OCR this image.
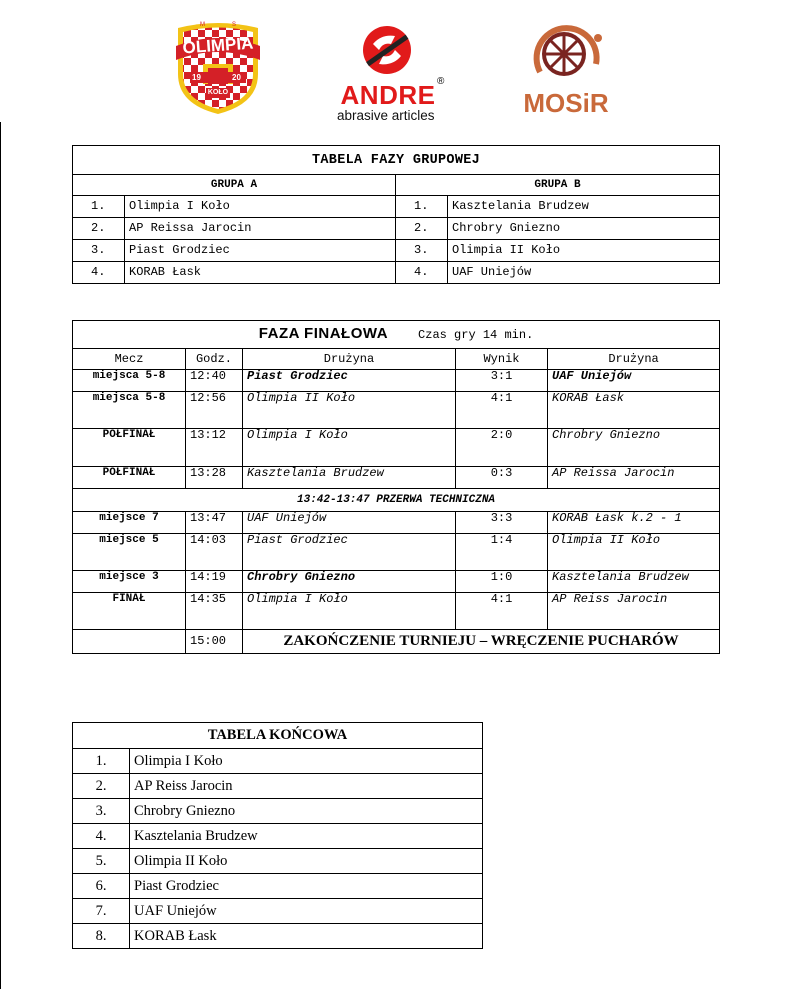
OLIMPIA
19	20
KOŁO
M	S
ANDRE ®
abrasive articles	MOSiR
TABELA FAZY GRUPOWEJ			
GRUPA A		GRUPA B	
1.	Olimpia I Koło	1.	Kasztelania Brudzew
2.	AP Reissa Jarocin	2.	Chrobry Gniezno
3.	Piast Grodziec	3.	Olimpia II Koło
4.	KORAB Łask	4.	UAF Uniejów
FAZA FINAŁOWA Czas gry 14 min.				
Mecz	Godz.	Drużyna	Wynik	Drużyna
miejsca 5-8	12:40	Piast Grodziec	3:1	UAF Uniejów
miejsca 5-8	12:56	Olimpia II Koło	4:1	KORAB Łask
PÓŁFINAŁ	13:12	Olimpia I Koło	2:0	Chrobry Gniezno
PÓŁFINAŁ	13:28	Kasztelania Brudzew	0:3	AP Reissa Jarocin
13:42-13:47 PRZERWA TECHNICZNA				
miejsce 7	13:47	UAF Uniejów	3:3	KORAB Łask k.2 - 1
miejsce 5	14:03	Piast Grodziec	1:4	Olimpia II Koło
miejsce 3	14:19	Chrobry Gniezno	1:0	Kasztelania Brudzew
FINAŁ	14:35	Olimpia I Koło	4:1	AP Reiss Jarocin
	15:00	ZAKOŃCZENIE TURNIEJU – WRĘCZENIE PUCHARÓW		
TABELA KOŃCOWA	
1.	Olimpia I Koło
2.	AP Reiss Jarocin
3.	Chrobry Gniezno
4.	Kasztelania Brudzew
5.	Olimpia II Koło
6.	Piast Grodziec
7.	UAF Uniejów
8.	KORAB Łask
